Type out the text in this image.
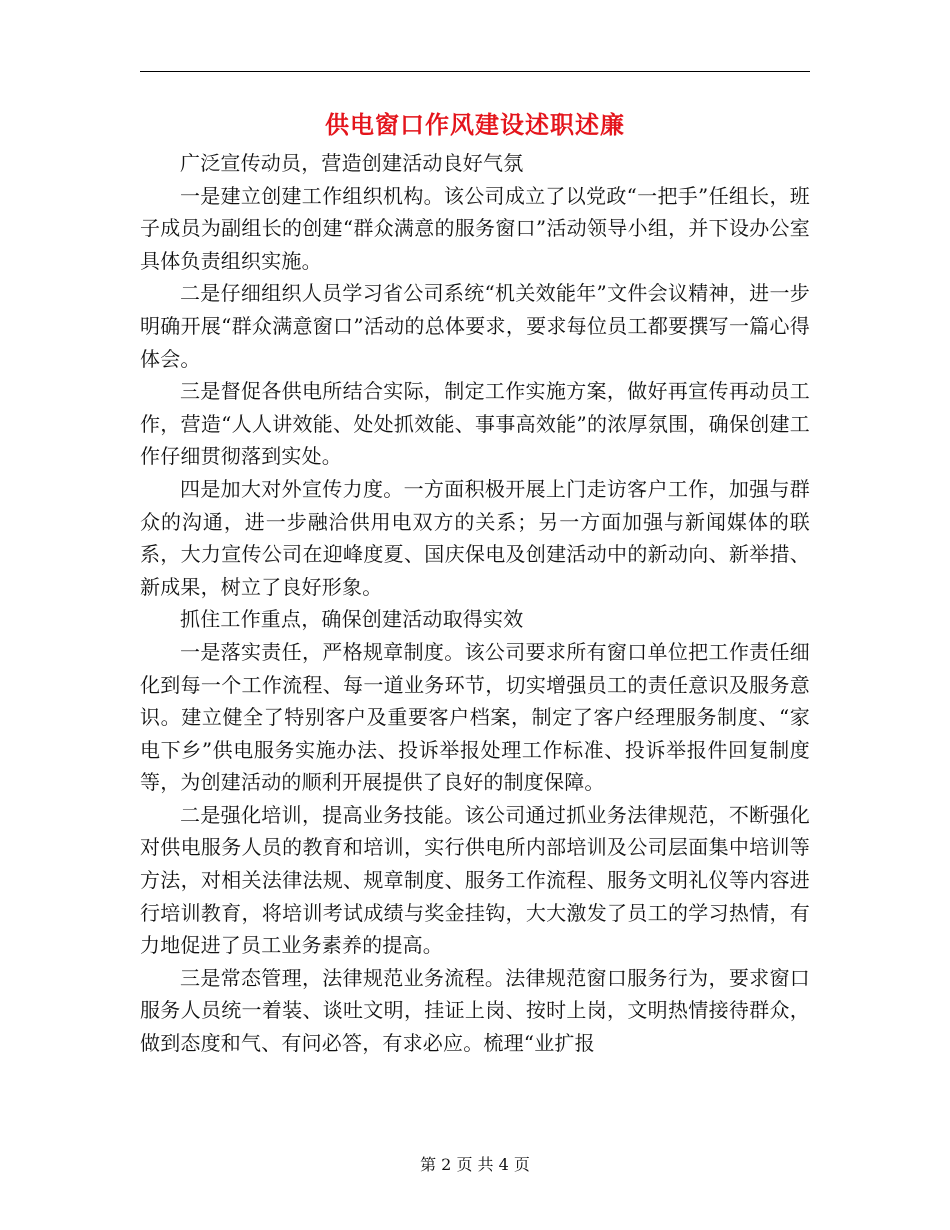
供电窗口作风建设述职述廉

广泛宣传动员，营造创建活动良好气氛

一是建立创建工作组织机构。该公司成立了以党政“一把手”任组长，班子成员为副组长的创建“群众满意的服务窗口”活动领导小组，并下设办公室具体负责组织实施。

二是仔细组织人员学习省公司系统“机关效能年”文件会议精神，进一步明确开展“群众满意窗口”活动的总体要求，要求每位员工都要撰写一篇心得体会。

三是督促各供电所结合实际，制定工作实施方案，做好再宣传再动员工作，营造“人人讲效能、处处抓效能、事事高效能”的浓厚氛围，确保创建工作仔细贯彻落到实处。

四是加大对外宣传力度。一方面积极开展上门走访客户工作，加强与群众的沟通，进一步融洽供用电双方的关系；另一方面加强与新闻媒体的联系，大力宣传公司在迎峰度夏、国庆保电及创建活动中的新动向、新举措、新成果，树立了良好形象。

抓住工作重点，确保创建活动取得实效

一是落实责任，严格规章制度。该公司要求所有窗口单位把工作责任细化到每一个工作流程、每一道业务环节，切实增强员工的责任意识及服务意识。建立健全了特别客户及重要客户档案，制定了客户经理服务制度、“家电下乡”供电服务实施办法、投诉举报处理工作标准、投诉举报件回复制度等，为创建活动的顺利开展提供了良好的制度保障。

二是强化培训，提高业务技能。该公司通过抓业务法律规范，不断强化对供电服务人员的教育和培训，实行供电所内部培训及公司层面集中培训等方法，对相关法律法规、规章制度、服务工作流程、服务文明礼仪等内容进行培训教育，将培训考试成绩与奖金挂钩，大大激发了员工的学习热情，有力地促进了员工业务素养的提高。

三是常态管理，法律规范业务流程。法律规范窗口服务行为，要求窗口服务人员统一着装、谈吐文明，挂证上岗、按时上岗，文明热情接待群众，做到态度和气、有问必答，有求必应。梳理“业扩报

第 2 页 共 4 页
